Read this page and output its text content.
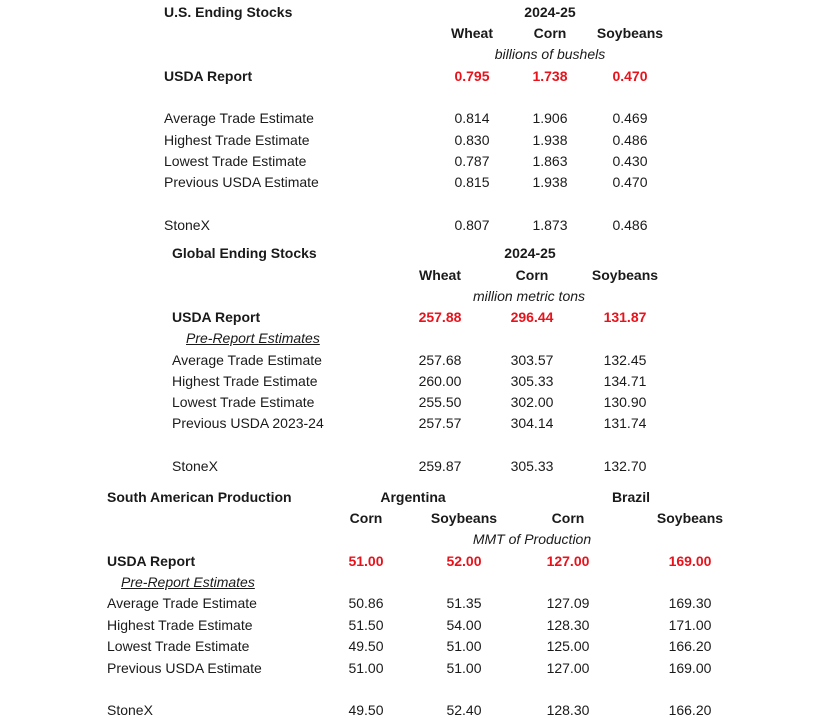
U.S. Ending Stocks	2024-25
Wheat	Corn	Soybeans
billions of bushels
USDA Report	0.795	1.738	0.470
Average Trade Estimate	0.814	1.906	0.469
Highest Trade Estimate	0.830	1.938	0.486
Lowest Trade Estimate	0.787	1.863	0.430
Previous USDA Estimate	0.815	1.938	0.470
StoneX	0.807	1.873	0.486
Global Ending Stocks	2024-25
Wheat	Corn	Soybeans
million metric tons
USDA Report	257.88	296.44	131.87
Pre-Report Estimates
Average Trade Estimate	257.68	303.57	132.45
Highest Trade Estimate	260.00	305.33	134.71
Lowest Trade Estimate	255.50	302.00	130.90
Previous USDA 2023-24	257.57	304.14	131.74
StoneX	259.87	305.33	132.70
South American Production	Argentina	Brazil
Corn	Soybeans	Corn	Soybeans
MMT of Production
USDA Report	51.00	52.00	127.00	169.00
Pre-Report Estimates
Average Trade Estimate	50.86	51.35	127.09	169.30
Highest Trade Estimate	51.50	54.00	128.30	171.00
Lowest Trade Estimate	49.50	51.00	125.00	166.20
Previous USDA Estimate	51.00	51.00	127.00	169.00
StoneX	49.50	52.40	128.30	166.20
